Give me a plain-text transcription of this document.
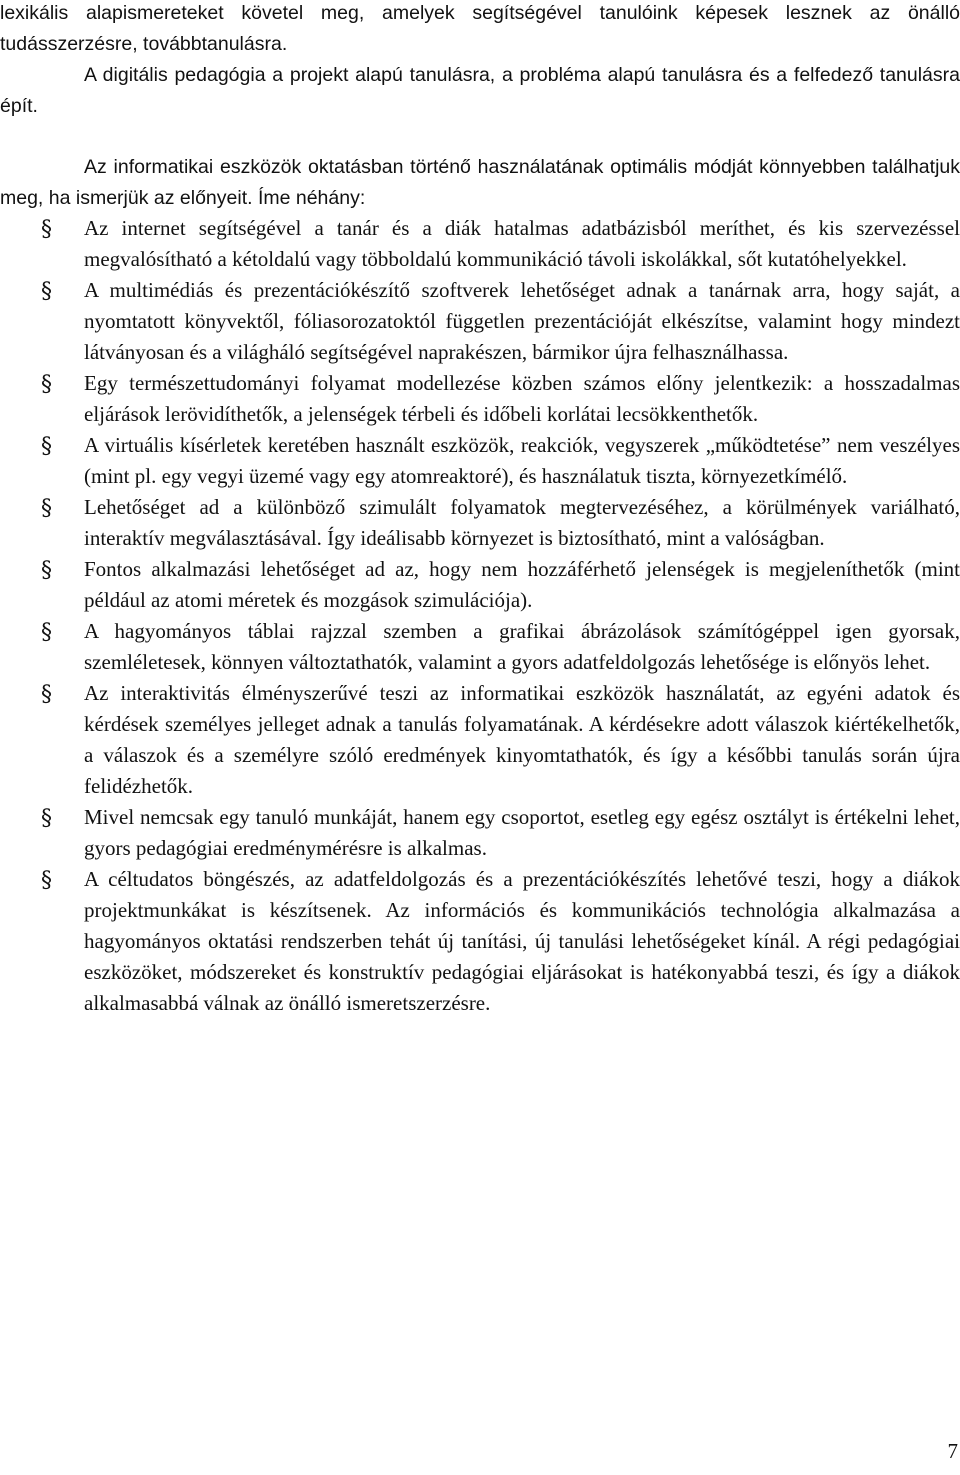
lexikális alapismereteket követel meg, amelyek segítségével tanulóink képesek lesznek az önálló tudásszerzésre, továbbtanulásra.

A digitális pedagógia a projekt alapú tanulásra, a probléma alapú tanulásra és a felfedező tanulásra épít.

Az informatikai eszközök oktatásban történő használatának optimális módját könnyebben találhatjuk meg, ha ismerjük az előnyeit. Íme néhány:

§ Az internet segítségével a tanár és a diák hatalmas adatbázisból meríthet, és kis szervezéssel megvalósítható a kétoldalú vagy többoldalú kommunikáció távoli iskolákkal, sőt kutatóhelyekkel.
§ A multimédiás és prezentációkészítő szoftverek lehetőséget adnak a tanárnak arra, hogy saját, a nyomtatott könyvektől, fóliasorozatoktól független prezentációját elkészítse, valamint hogy mindezt látványosan és a világháló segítségével naprakészen, bármikor újra felhasználhassa.
§ Egy természettudományi folyamat modellezése közben számos előny jelentkezik: a hosszadalmas eljárások lerövidíthetők, a jelenségek térbeli és időbeli korlátai lecsökkenthetők.
§ A virtuális kísérletek keretében használt eszközök, reakciók, vegyszerek „működtetése” nem veszélyes (mint pl. egy vegyi üzemé vagy egy atomreaktoré), és használatuk tiszta, környezetkímélő.
§ Lehetőséget ad a különböző szimulált folyamatok megtervezéséhez, a körülmények variálható, interaktív megválasztásával. Így ideálisabb környezet is biztosítható, mint a valóságban.
§ Fontos alkalmazási lehetőséget ad az, hogy nem hozzáférhető jelenségek is megjeleníthetők (mint például az atomi méretek és mozgások szimulációja).
§ A hagyományos táblai rajzzal szemben a grafikai ábrázolások számítógéppel igen gyorsak, szemléletesek, könnyen változtathatók, valamint a gyors adatfeldolgozás lehetősége is előnyös lehet.
§ Az interaktivitás élményszerűvé teszi az informatikai eszközök használatát, az egyéni adatok és kérdések személyes jelleget adnak a tanulás folyamatának. A kérdésekre adott válaszok kiértékelhetők, a válaszok és a személyre szóló eredmények kinyomtathatók, és így a későbbi tanulás során újra felidézhetők.
§ Mivel nemcsak egy tanuló munkáját, hanem egy csoportot, esetleg egy egész osztályt is értékelni lehet, gyors pedagógiai eredménymérésre is alkalmas.
§ A céltudatos böngészés, az adatfeldolgozás és a prezentációkészítés lehetővé teszi, hogy a diákok projektmunkákat is készítsenek. Az információs és kommunikációs technológia alkalmazása a hagyományos oktatási rendszerben tehát új tanítási, új tanulási lehetőségeket kínál. A régi pedagógiai eszközöket, módszereket és konstruktív pedagógiai eljárásokat is hatékonyabbá teszi, és így a diákok alkalmasabbá válnak az önálló ismeretszerzésre.
7
